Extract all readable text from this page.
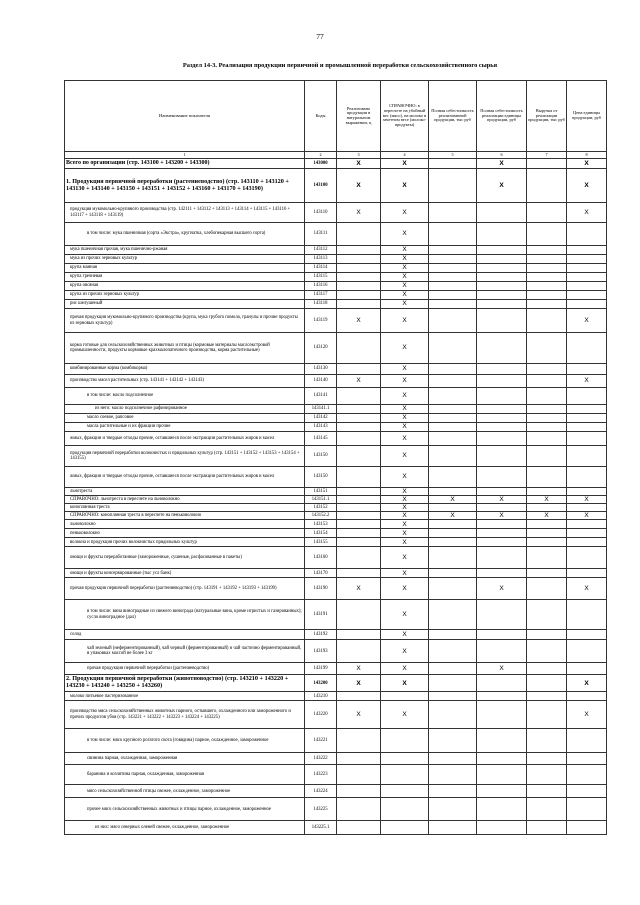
77
Раздел 14-3. Реализация продукции первичной и промышленной переработки сельскохозяйственного сырья
Наименование показателя	Коды	Реализовано продукции в натуральном выражении, ц	СПРАВОЧНО: в пересчете на убойный вес (мясо), на молоко в зачетном весе (молоко-продукты)	Полная себестоимость реализованной продукции, тыс руб	Полная себестоимость реализации единицы продукции, руб	Выручка от реализации продукции, тыс руб	Цена единицы продукции, руб
1	2	3	4	5	6	7	8
Всего по организации (стр. 143100 + 143200 + 143300)	143000	X	X		X		X
1. Продукция первичной переработки (растениеводство) (стр. 143110 + 143120 + 143130 + 143140 + 143150 + 143151 + 143152 + 143160 + 143170 + 143190)	143100	X	X		X		X
продукция мукомольно-крупяного производства (стр. 142111 + 143112 + 143113 + 143114 + 143115 + 143116 + 143117 + 143118 + 143119)	143110	X	X				X
в том числе: мука пшеничная (сорта «Экстра», крупчатка, хлебопекарная высшего сорта)	143111		X				
мука пшеничная прочая, мука пшенично-ржаная	143112		X				
мука из прочих зерновых культур	143113		X				
крупа манная	143114		X				
крупа гречневая	143115		X				
крупа овсяная	143116		X				
крупа из прочих зерновых культур	143117		X				
рис шелушеный	143118		X				
прочая продукция мукомольно-крупяного производства (крупа, мука грубого помола, гранулы и прочие продукты из зерновых культур)	143119	X	X				X
корма готовые для сельскохозяйственных животных и птицы (кормовые материалы маслоэкстровой промышленности, продукты кормовые крахмалопаточного производства, корма растительные)	143120		X				
комбинированные корма (комбикорма)	143130		X				
производство масел растительных (стр. 143141 + 143142 + 143143)	143140	X	X				X
в том числе: масло подсолнечное	143141		X				
из него: масло подсолнечное рафинированное	143141.1		X				
масло соевое, рапсовое	143142		X				
масла растительные и их фракции прочие	143143		X				
жмых, фракции и твердые отходы прочие, оставшиеся после экстракции растительных жиров и масел	143145		X				
продукция первичной переработки волокнистых и прядильных культур (стр. 143151 + 143152 + 143153 + 143154 + 143155)	143150		X				
жмых, фракции и твердые отходы прочие, оставшиеся после экстракции растительных жиров и масел	143150		X				
льнотреста	143151		X				
СПРАВОЧНО: льнотреста в пересчете на льноволокно	143151.1		X	X	X	X	X
коноплянная треста	143152		X				
СПРАВОЧНО: коноплянная треста в пересчете на пеньковолокно	143152.2		X	X	X	X	X
льноволокно	143153		X				
пеньковолокно	143154		X				
волокна и продукция прочих волокнистых прядильных культур	143155		X				
овощи и фрукты переработанные (замороженные, сушеные, расфасованные в пакеты)	143160		X				
овощи и фрукты консервированные (тыс усл банк)	143170		X				
прочая продукция первичной переработки (растениеводство) (стр. 143191 + 143192 + 143193 + 143199)	143190	X	X		X		X
в том числе: вина виноградные из свежего винограда (натуральные вина, кроме игристых и газированных); сусло виноградное (дал)	143191		X				
солод	143192		X				
чай зеленый (неферментированный), чай черный (ферментированный) и чай частично ферментированный, в упаковках массой не более 3 кг	143193		X				
прочая продукция первичной переработки (растениеводство)	143199	X	X		X		
2. Продукция первичной переработки (животноводство) (стр. 143210 + 143220 + 143230 + 143240 + 143250 + 143260)	143200	X	X				X
молоко питьевое пастеризованное	143210						
производство мяса сельскохозяйственных животных парного, остывшего, охлажденного или замороженного и прочих продуктов убоя (стр. 143221 + 143222 + 143223 + 143224 + 143225)	143220	X	X				X
в том числе: мясо крупного рогатого скота (говядина) парное, охлажденное, замороженное	143221						
свинина парная, охлажденная, замороженная	143222						
баранина и козлятина парная, охлажденная, замороженная	143223						
мясо сельскохозяйственной птицы свежее, охлажденное, замороженное	143224						
прочее мясо сельскохозяйственных животных и птицы парное, охлажденное, замороженное	143225						
из них: мясо северных оленей свежее, охлажденное, замороженное	143225.1						
